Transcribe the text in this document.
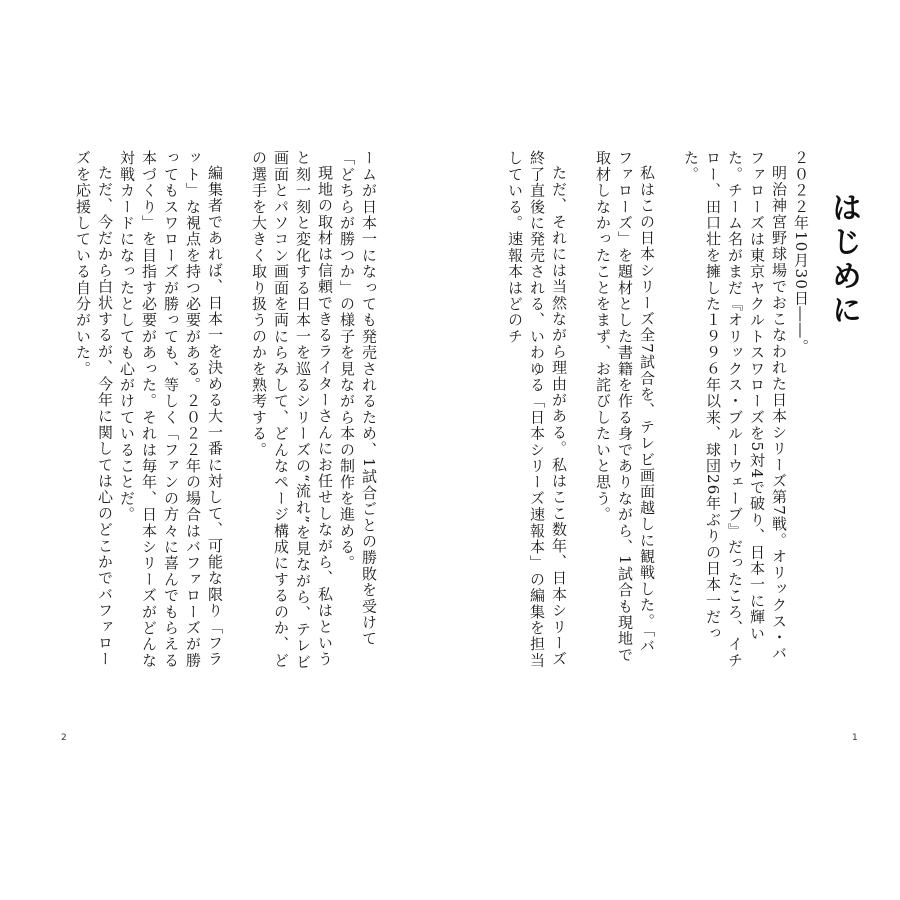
はじめに

２０２２年10月30日――。

明治神宮野球場でおこなわれた日本シリーズ第7戦。オリックス・バファローズは東京ヤクルトスワローズを5対4で破り、日本一に輝いた。チーム名がまだ『オリックス・ブルーウェーブ』だったころ、イチロー、田口壮を擁した１９９６年以来、球団26年ぶりの日本一だった。

私はこの日本シリーズ全7試合を、テレビ画面越しに観戦した。「バファローズ」を題材とした書籍を作る身でありながら、1試合も現地で取材しなかったことをまず、お詫びしたいと思う。

ただ、それには当然ながら理由がある。私はここ数年、日本シリーズ終了直後に発売される、いわゆる「日本シリーズ速報本」の編集を担当している。速報本はどのチ

ームが日本一になっても発売されるため、1試合ごとの勝敗を受けて「どちらが勝つか」の様子を見ながら本の制作を進める。

現地の取材は信頼できるライターさんにお任せしながら、私はというと刻一刻と変化する日本一を巡るシリーズの“流れ”を見ながら、テレビ画面とパソコン画面を両にらみして、どんなページ構成にするのか、どの選手を大きく取り扱うのかを熟考する。

編集者であれば、日本一を決める大一番に対して、可能な限り「フラット」な視点を持つ必要がある。２０２２年の場合はバファローズが勝ってもスワローズが勝っても、等しく「ファンの方々に喜んでもらえる本づくり」を目指す必要があった。それは毎年、日本シリーズがどんな対戦カードになったとしても心がけていることだ。

ただ、今だから白状するが、今年に関しては心のどこかでバファローズを応援している自分がいた。

1
2
